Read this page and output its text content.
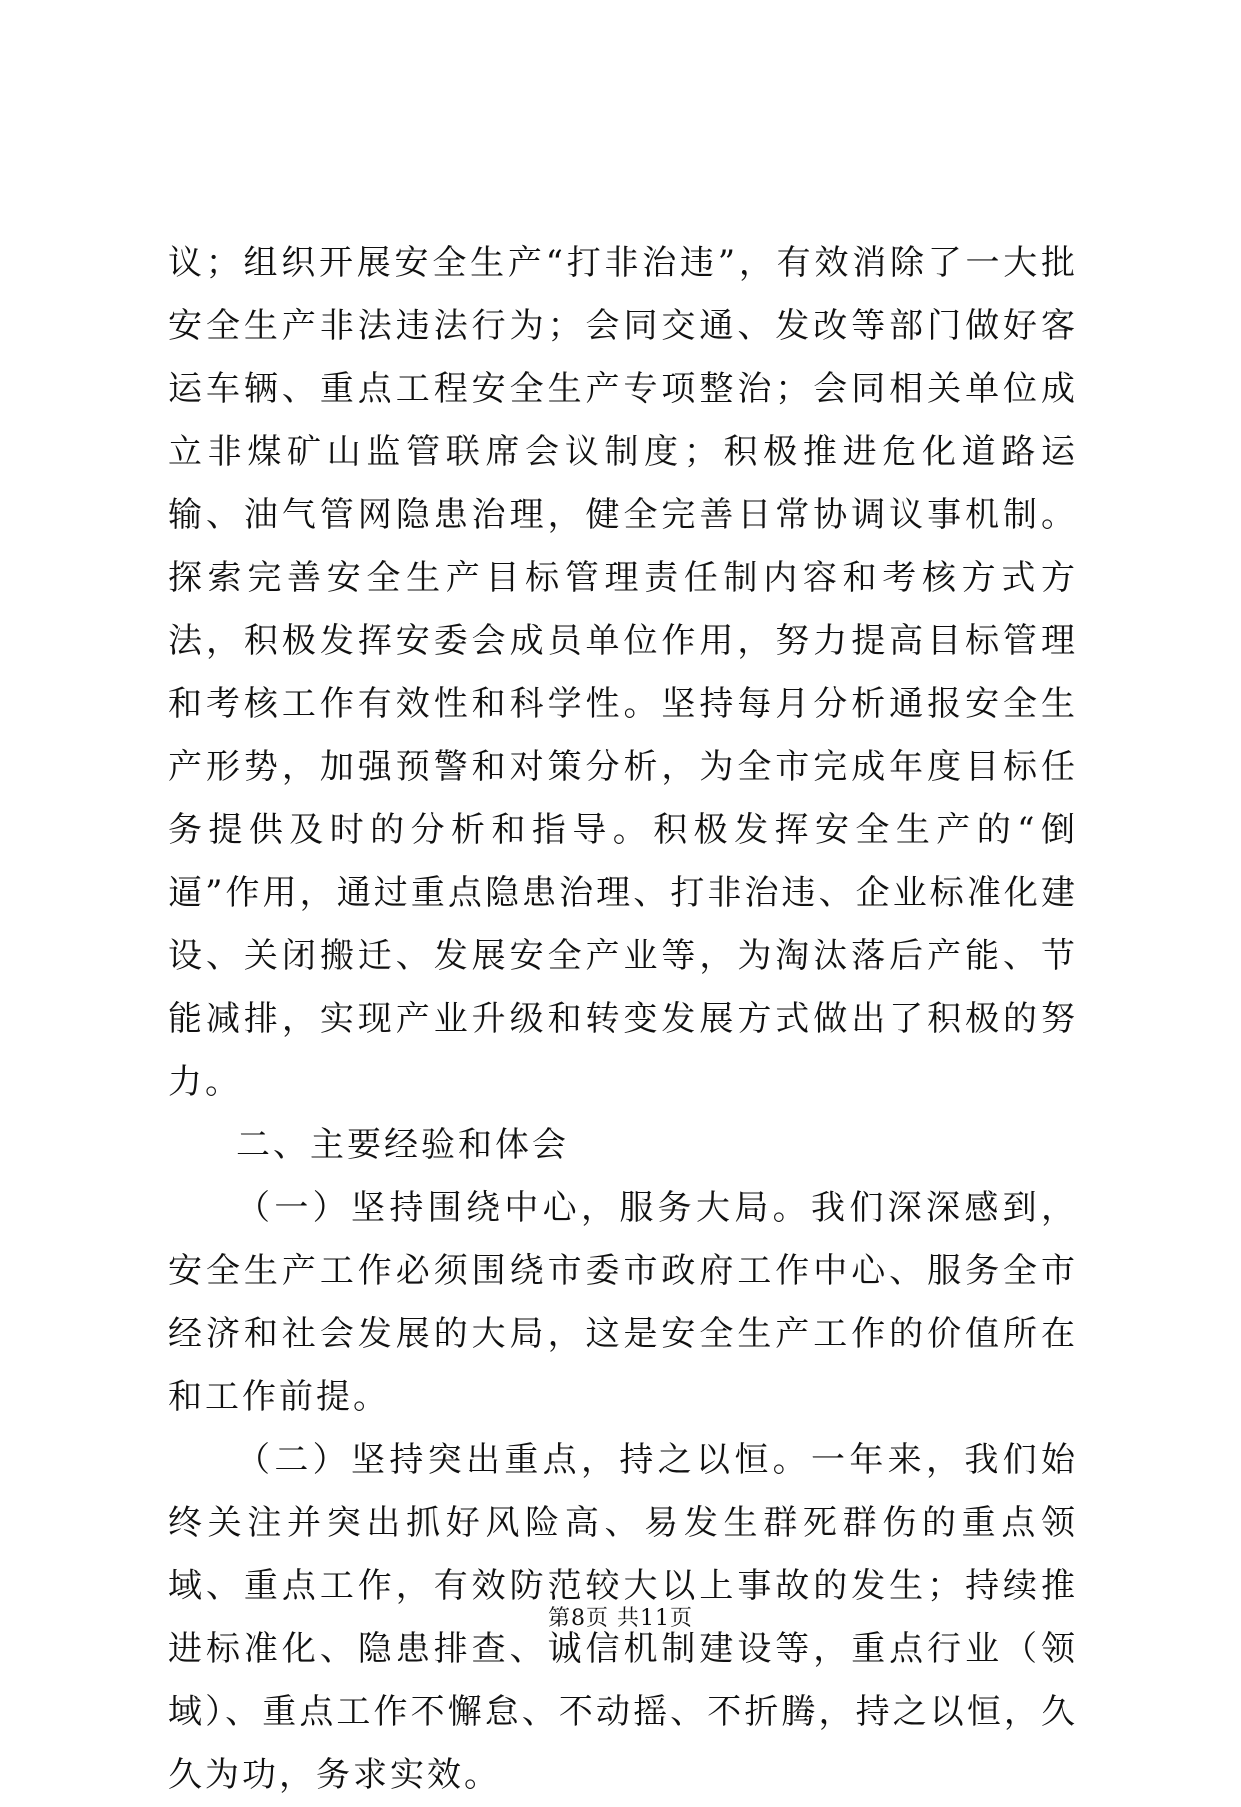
议；组织开展安全生产“打非治违”，有效消除了一大批安全生产非法违法行为；会同交通、发改等部门做好客运车辆、重点工程安全生产专项整治；会同相关单位成立非煤矿山监管联席会议制度；积极推进危化道路运输、油气管网隐患治理，健全完善日常协调议事机制。探索完善安全生产目标管理责任制内容和考核方式方法，积极发挥安委会成员单位作用，努力提高目标管理和考核工作有效性和科学性。坚持每月分析通报安全生产形势，加强预警和对策分析，为全市完成年度目标任务提供及时的分析和指导。积极发挥安全生产的“倒逼”作用，通过重点隐患治理、打非治违、企业标准化建设、关闭搬迁、发展安全产业等，为淘汰落后产能、节能减排，实现产业升级和转变发展方式做出了积极的努力。

二、主要经验和体会

（一）坚持围绕中心，服务大局。我们深深感到，安全生产工作必须围绕市委市政府工作中心、服务全市经济和社会发展的大局，这是安全生产工作的价值所在和工作前提。

（二）坚持突出重点，持之以恒。一年来，我们始终关注并突出抓好风险高、易发生群死群伤的重点领域、重点工作，有效防范较大以上事故的发生；持续推进标准化、隐患排查、诚信机制建设等，重点行业（领域）、重点工作不懈怠、不动摇、不折腾，持之以恒，久久为功，务求实效。

第8页 共11页
